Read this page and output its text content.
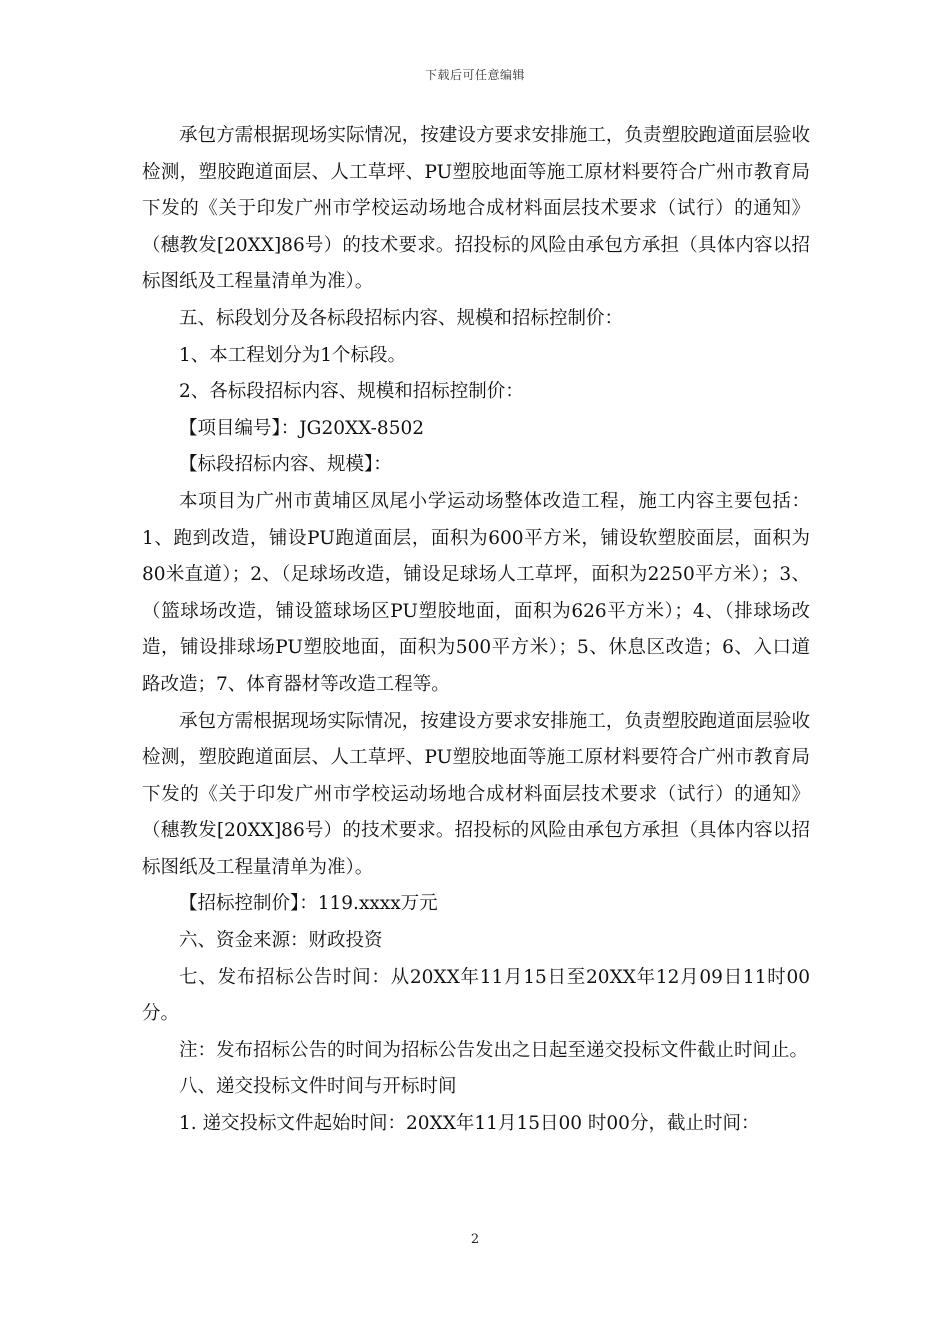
下载后可任意编辑

承包方需根据现场实际情况，按建设方要求安排施工，负责塑胶跑道面层验收检测，塑胶跑道面层、人工草坪、PU塑胶地面等施工原材料要符合广州市教育局下发的《关于印发广州市学校运动场地合成材料面层技术要求（试行）的通知》（穗教发[20XX]86号）的技术要求。招投标的风险由承包方承担（具体内容以招标图纸及工程量清单为准）。

五、标段划分及各标段招标内容、规模和招标控制价：

1、本工程划分为1个标段。

2、各标段招标内容、规模和招标控制价：

【项目编号】：JG20XX-8502

【标段招标内容、规模】：

本项目为广州市黄埔区凤尾小学运动场整体改造工程，施工内容主要包括：1、跑到改造，铺设PU跑道面层，面积为600平方米，铺设软塑胶面层，面积为80米直道）；2、（足球场改造，铺设足球场人工草坪，面积为2250平方米）；3、（篮球场改造，铺设篮球场区PU塑胶地面，面积为626平方米）；4、（排球场改造，铺设排球场PU塑胶地面，面积为500平方米）；5、休息区改造；6、入口道路改造；7、体育器材等改造工程等。

承包方需根据现场实际情况，按建设方要求安排施工，负责塑胶跑道面层验收检测，塑胶跑道面层、人工草坪、PU塑胶地面等施工原材料要符合广州市教育局下发的《关于印发广州市学校运动场地合成材料面层技术要求（试行）的通知》（穗教发[20XX]86号）的技术要求。招投标的风险由承包方承担（具体内容以招标图纸及工程量清单为准）。

【招标控制价】：119.xxxx万元

六、资金来源：财政投资

七、发布招标公告时间：从20XX年11月15日至20XX年12月09日11时00分。

注：发布招标公告的时间为招标公告发出之日起至递交投标文件截止时间止。

八、递交投标文件时间与开标时间

1. 递交投标文件起始时间：20XX年11月15日00 时00分，截止时间：

2
